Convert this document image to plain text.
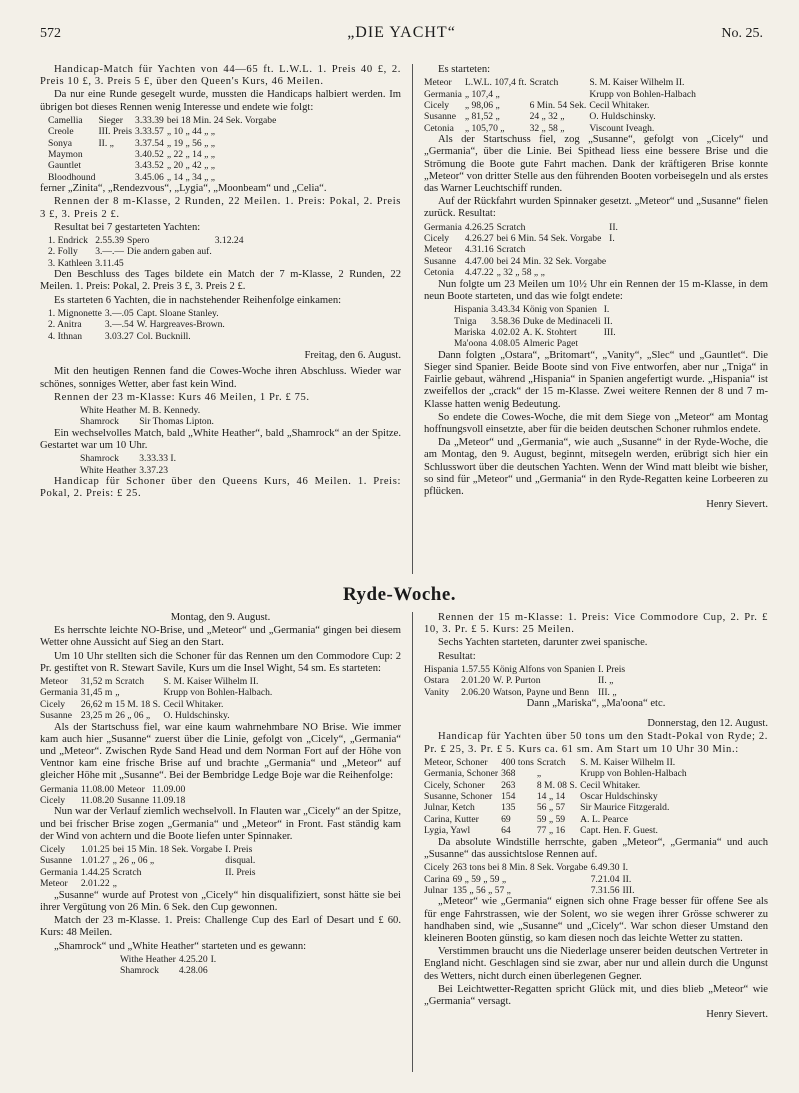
572	„DIE YACHT“	No. 25.

Handicap-Match für Yachten von 44—65 ft. L.W.L. 1. Preis 40 £, 2. Preis 10 £, 3. Preis 5 £, über den Queen's Kurs, 46 Meilen.

Da nur eine Runde gesegelt wurde, mussten die Handicaps halbiert werden. Im übrigen bot dieses Rennen wenig Interesse und endete wie folgt:

Camellia	Sieger	3.33.39	bei 18 Min. 24 Sek. Vorgabe
Creole	III. Preis	3.33.57	„ 10 „ 44 „ „
Sonya	II. „	3.37.54	„ 19 „ 56 „ „
Maymon		3.40.52	„ 22 „ 14 „ „
Gauntlet		3.43.52	„ 20 „ 42 „ „
Bloodhound		3.45.06	„ 14 „ 34 „ „

ferner „Zinita“, „Rendezvous“, „Lygia“, „Moonbeam“ und „Celia“.

Rennen der 8 m-Klasse, 2 Runden, 22 Meilen. 1. Preis: Pokal, 2. Preis 3 £, 3. Preis 2 £.

Resultat bei 7 gestarteten Yachten:

1. Endrick	2.55.39	Spero	3.12.24
2. Folly	3.—.—	Die andern gaben auf.	
3. Kathleen	3.11.45		

Den Beschluss des Tages bildete ein Match der 7 m-Klasse, 2 Runden, 22 Meilen. 1. Preis: Pokal, 2. Preis 3 £, 3. Preis 2 £.

Es starteten 6 Yachten, die in nachstehender Reihenfolge einkamen:

1. Mignonette	3.—.05	Capt. Sloane Stanley.
2. Anitra	3.—.54	W. Hargreaves-Brown.
4. Ithnan	3.03.27	Col. Bucknill.

Freitag, den 6. August.

Mit den heutigen Rennen fand die Cowes-Woche ihren Abschluss. Wieder war schönes, sonniges Wetter, aber fast kein Wind.

Rennen der 23 m-Klasse: Kurs 46 Meilen, 1 Pr. £ 75.

White Heather	M. B. Kennedy.
Shamrock	Sir Thomas Lipton.

Ein wechselvolles Match, bald „White Heather“, bald „Shamrock“ an der Spitze. Gestartet war um 10 Uhr.

Shamrock	3.33.33 I.
White Heather	3.37.23

Handicap für Schoner über den Queens Kurs, 46 Meilen. 1. Preis: Pokal, 2. Preis: £ 25.

Es starteten:

Meteor	L.W.L. 107,4 ft.	Scratch	S. M. Kaiser Wilhelm II.
Germania	„ 107,4 „		Krupp von Bohlen-Halbach
Cicely	„ 98,06 „	6 Min. 54 Sek.	Cecil Whitaker.
Susanne	„ 81,52 „	24 „ 32 „	O. Huldschinsky.
Cetonia	„ 105,70 „	32 „ 58 „	Viscount Iveagh.

Als der Startschuss fiel, zog „Susanne“, gefolgt von „Cicely“ und „Germania“, über die Linie. Bei Spithead liess eine bessere Brise und die Strömung die Boote gute Fahrt machen. Dank der kräftigeren Brise konnte „Meteor“ von dritter Stelle aus den führenden Booten vorbeisegeln und als erstes das Warner Leuchtschiff runden.

Auf der Rückfahrt wurden Spinnaker gesetzt. „Meteor“ und „Susanne“ fielen zurück. Resultat:

Germania	4.26.25	Scratch	II.
Cicely	4.26.27	bei 6 Min. 54 Sek. Vorgabe	I.
Meteor	4.31.16	Scratch	
Susanne	4.47.00	bei 24 Min. 32 Sek. Vorgabe	
Cetonia	4.47.22	„ 32 „ 58 „ „	

Nun folgte um 23 Meilen um 10½ Uhr ein Rennen der 15 m-Klasse, in dem neun Boote starteten, und das wie folgt endete:

Hispania	3.43.34	König von Spanien	I.
Tniga	3.58.36	Duke de Medinaceli	II.
Mariska	4.02.02	A. K. Stohtert	III.
Ma'oona	4.08.05	Almeric Paget	

Dann folgten „Ostara“, „Britomart“, „Vanity“, „Slec“ und „Gauntlet“. Die Sieger sind Spanier. Beide Boote sind von Five entworfen, aber nur „Tniga“ in Fairlie gebaut, während „Hispania“ in Spanien angefertigt wurde. „Hispania“ ist zweifellos der „crack“ der 15 m-Klasse. Zwei weitere Rennen der 8 und 7 m-Klasse hatten wenig Bedeutung.

So endete die Cowes-Woche, die mit dem Siege von „Meteor“ am Montag hoffnungsvoll einsetzte, aber für die beiden deutschen Schoner ruhmlos endete.

Da „Meteor“ und „Germania“, wie auch „Susanne“ in der Ryde-Woche, die am Montag, den 9. August, beginnt, mitsegeln werden, erübrigt sich hier ein Schlusswort über die deutschen Yachten. Wenn der Wind matt bleibt wie bisher, so sind für „Meteor“ und „Germania“ in den Ryde-Regatten keine Lorbeeren zu pflücken.

Henry Sievert.

Ryde-Woche.

Montag, den 9. August.

Es herrschte leichte NO-Brise, und „Meteor“ und „Germania“ gingen bei diesem Wetter ohne Aussicht auf Sieg an den Start.

Um 10 Uhr stellten sich die Schoner für das Rennen um den Commodore Cup: 2 Pr. gestiftet von R. Stewart Savile, Kurs um die Insel Wight, 54 sm. Es starteten:

Meteor	31,52 m	Scratch	S. M. Kaiser Wilhelm II.
Germania	31,45 m	„	Krupp von Bohlen-Halbach.
Cicely	26,62 m	15 M. 18 S.	Cecil Whitaker.
Susanne	23,25 m	26 „ 06 „	O. Huldschinsky.

Als der Startschuss fiel, war eine kaum wahrnehmbare NO Brise. Wie immer kam auch hier „Susanne“ zuerst über die Linie, gefolgt von „Cicely“, „Germania“ und „Meteor“. Zwischen Ryde Sand Head und dem Norman Fort auf der Höhe von Ventnor kam eine frische Brise auf und brachte „Germania“ und „Meteor“ auf gleicher Höhe mit „Susanne“. Bei der Bembridge Ledge Boje war die Reihenfolge:

Germania	11.08.00	Meteor	11.09.00
Cicely	11.08.20	Susanne	11.09.18

Nun war der Verlauf ziemlich wechselvoll. In Flauten war „Cicely“ an der Spitze, und bei frischer Brise zogen „Germania“ und „Meteor“ in Front. Fast ständig kam der Wind von achtern und die Boote liefen unter Spinnaker.

Cicely	1.01.25	bei 15 Min. 18 Sek. Vorgabe	I. Preis
Susanne	1.01.27	„ 26 „ 06 „	disqual.
Germania	1.44.25	Scratch	II. Preis
Meteor	2.01.22	„	

„Susanne“ wurde auf Protest von „Cicely“ hin disqualifiziert, sonst hätte sie bei ihrer Vergütung von 26 Min. 6 Sek. den Cup gewonnen.

Match der 23 m-Klasse. 1. Preis: Challenge Cup des Earl of Desart und £ 60. Kurs: 48 Meilen.

„Shamrock“ und „White Heather“ starteten und es gewann:

Withe Heather	4.25.20	I.
Shamrock	4.28.06	

Rennen der 15 m-Klasse: 1. Preis: Vice Commodore Cup, 2. Pr. £ 10, 3. Pr. £ 5. Kurs: 25 Meilen.

Sechs Yachten starteten, darunter zwei spanische.

Resultat:

Hispania	1.57.55	König Alfons von Spanien	I. Preis
Ostara	2.01.20	W. P. Purton	II. „
Vanity	2.06.20	Watson, Payne und Benn	III. „

Dann „Mariska“, „Ma'oona“ etc.

Donnerstag, den 12. August.

Handicap für Yachten über 50 tons um den Stadt-Pokal von Ryde; 2. Pr. £ 25, 3. Pr. £ 5. Kurs ca. 61 sm. Am Start um 10 Uhr 30 Min.:

Meteor, Schoner	400 tons	Scratch	S. M. Kaiser Wilhelm II.
Germania, Schoner	368	„	Krupp von Bohlen-Halbach
Cicely, Schoner	263	8 M. 08 S.	Cecil Whitaker.
Susanne, Schoner	154	14 „ 14	Oscar Huldschinsky
Julnar, Ketch	135	56 „ 57	Sir Maurice Fitzgerald.
Carina, Kutter	69	59 „ 59	A. L. Pearce
Lygia, Yawl	64	77 „ 16	Capt. Hen. F. Guest.

Da absolute Windstille herrschte, gaben „Meteor“, „Germania“ und auch „Susanne“ das aussichtslose Rennen auf.

Cicely	263 tons bei 8 Min. 8 Sek. Vorgabe	6.49.30	I.
Carina	69 „ 59 „ 59 „	7.21.04	II.
Julnar	135 „ 56 „ 57 „	7.31.56	III.

„Meteor“ wie „Germania“ eignen sich ohne Frage besser für offene See als für enge Fahrstrassen, wie der Solent, wo sie wegen ihrer Grösse schwerer zu handhaben sind, wie „Susanne“ und „Cicely“. War schon dieser Umstand den kleineren Booten günstig, so kam diesen noch das leichte Wetter zu statten.

Verstimmen braucht uns die Niederlage unserer beiden deutschen Vertreter in England nicht. Geschlagen sind sie zwar, aber nur und allein durch die Ungunst des Wetters, nicht durch einen überlegenen Gegner.

Bei Leichtwetter-Regatten spricht Glück mit, und dies blieb „Meteor“ wie „Germania“ versagt.

Henry Sievert.
